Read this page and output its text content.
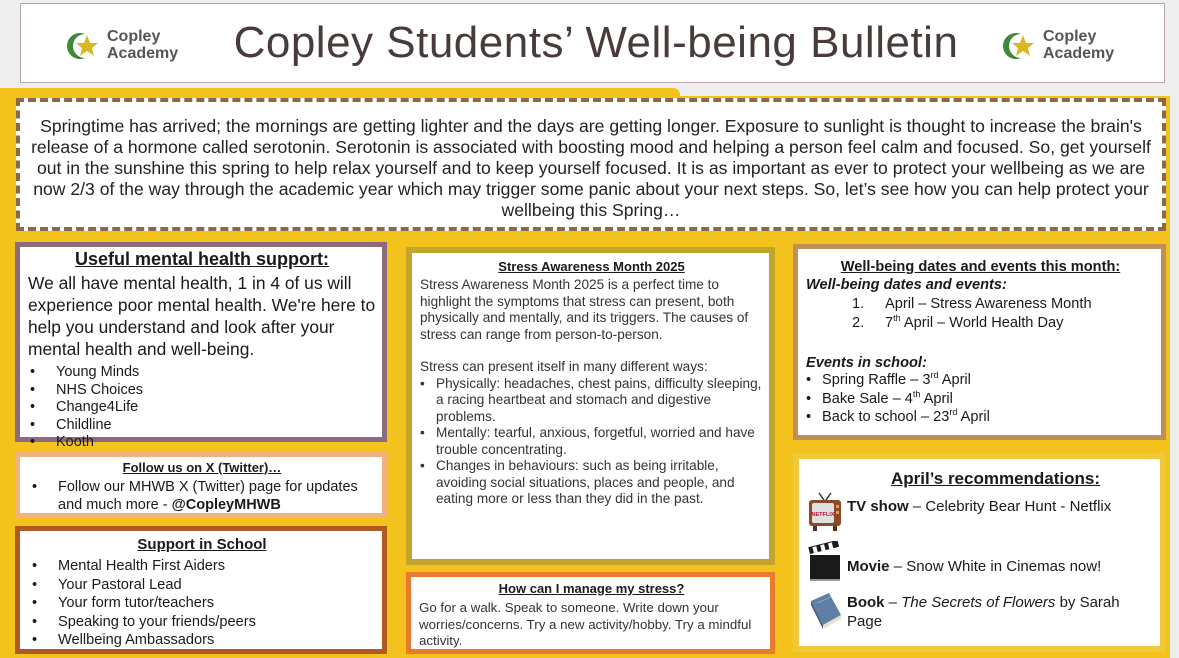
Copley
Academy	Copley Students’ Well-being Bulletin	Copley
Academy

Springtime has arrived; the mornings are getting lighter and the days are getting longer. Exposure to sunlight is thought to increase the brain's release of a hormone called serotonin. Serotonin is associated with boosting mood and helping a person feel calm and focused. So, get yourself out in the sunshine this spring to help relax yourself and to keep yourself focused. It is as important as ever to protect your wellbeing as we are now 2/3 of the way through the academic year which may trigger some panic about your next steps. So, let’s see how you can help protect your wellbeing this Spring…

Useful mental health support:
We all have mental health, 1 in 4 of us will experience poor mental health. We're here to help you understand and look after your mental health and well-being.
• Young Minds
• NHS Choices
• Change4Life
• Childline
• Kooth
Follow us on X (Twitter)…
• Follow our MHWB X (Twitter) page for updates and much more - @CopleyMHWB
Support in School
• Mental Health First Aiders
• Your Pastoral Lead
• Your form tutor/teachers
• Speaking to your friends/peers
• Wellbeing Ambassadors
Stress Awareness Month 2025

Stress Awareness Month 2025 is a perfect time to highlight the symptoms that stress can present, both physically and mentally, and its triggers. The causes of stress can range from person-to-person.

Stress can present itself in many different ways:

• Physically: headaches, chest pains, difficulty sleeping, a racing heartbeat and stomach and digestive problems.
• Mentally: tearful, anxious, forgetful, worried and have trouble concentrating.
• Changes in behaviours: such as being irritable, avoiding social situations, places and people, and eating more or less than they did in the past.
How can I manage my stress?
Go for a walk. Speak to someone. Write down your worries/concerns. Try a new activity/hobby. Try a mindful activity.
Well-being dates and events this month:
Well-being dates and events:
1.	April – Stress Awareness Month
2.	7th April – World Health Day
Events in school:
• Spring Raffle – 3rd April
• Bake Sale – 4th April
• Back to school – 23rd April
April’s recommendations:
NETFLIX
TV show – Celebrity Bear Hunt - Netflix
Movie – Snow White in Cinemas now!
Book – The Secrets of Flowers by Sarah Page
